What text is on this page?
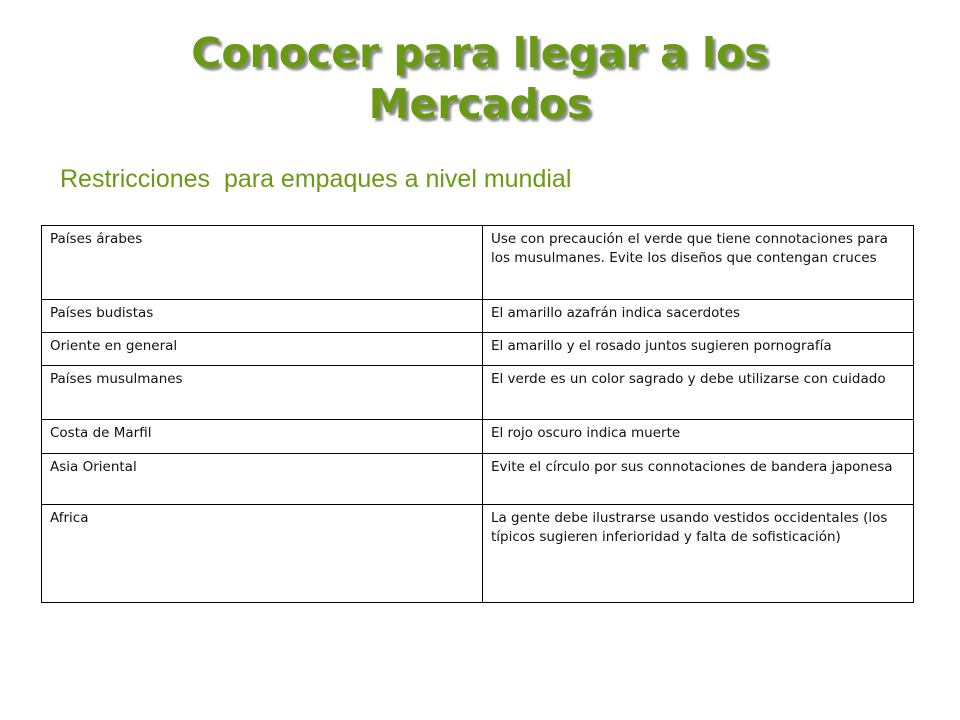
Conocer para llegar a los
Mercados

Restricciones  para empaques a nivel mundial

Países árabes	Use con precaución el verde que tiene connotaciones para los musulmanes. Evite los diseños que contengan cruces
Países budistas	El amarillo azafrán indica sacerdotes
Oriente en general	El amarillo y el rosado juntos sugieren pornografía
Países musulmanes	El verde es un color sagrado y debe utilizarse con cuidado
Costa de Marfil	El rojo oscuro indica muerte
Asia Oriental	Evite el círculo por sus connotaciones de bandera japonesa
Africa	La gente debe ilustrarse usando vestidos occidentales (los típicos sugieren inferioridad y falta de sofisticación)
